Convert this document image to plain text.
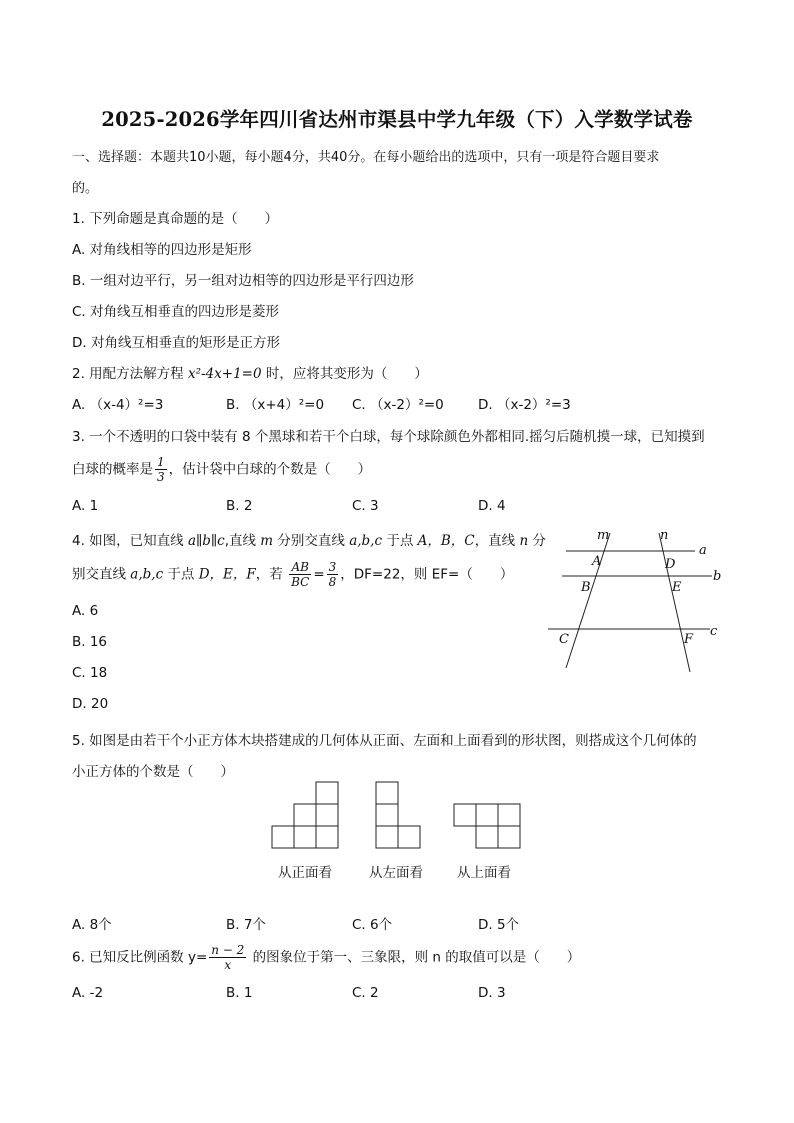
2025-2026学年四川省达州市渠县中学九年级（下）入学数学试卷
一、选择题：本题共10小题，每小题4分，共40分。在每小题给出的选项中，只有一项是符合题目要求
的。
1. 下列命题是真命题的是（　　）
A. 对角线相等的四边形是矩形
B. 一组对边平行，另一组对边相等的四边形是平行四边形
C. 对角线互相垂直的四边形是菱形
D. 对角线互相垂直的矩形是正方形
2. 用配方法解方程 x²-4x+1=0 时，应将其变形为（　　）
A. （x-4）²=3	B. （x+4）²=0 C. （x-2）²=0	D. （x-2）²=3
3. 一个不透明的口袋中装有 8 个黑球和若干个白球，每个球除颜色外都相同.摇匀后随机摸一球，已知摸到
白球的概率是 $\frac{1}{3}$ ，估计袋中白球的个数是（　　）
A. 1	B. 2	C. 3	D. 4
4. 如图，已知直线 a∥b∥c,直线 m 分别交直线 a,b,c 于点 A，B，C，直线 n 分
别交直线 a,b,c 于点 D，E，F，若 $\frac{AB}{BC} = \frac{3}{8}$ ，DF=22，则 EF=（　　）
A. 6
B. 16
C. 18
D. 20
m	n
a
b
c
A
B
C
D
E
F
5. 如图是由若干个小正方体木块搭建成的几何体从正面、左面和上面看到的形状图，则搭成这个几何体的
小正方体的个数是（　　）
从正面看	从左面看	从上面看
A. 8个	B. 7个	C. 6个	D. 5个
6. 已知反比例函数 $y= \frac{n - 2}{x}$ 的图象位于第一、三象限，则 n 的取值可以是（　　）
A. -2	B. 1	C. 2	D. 3
